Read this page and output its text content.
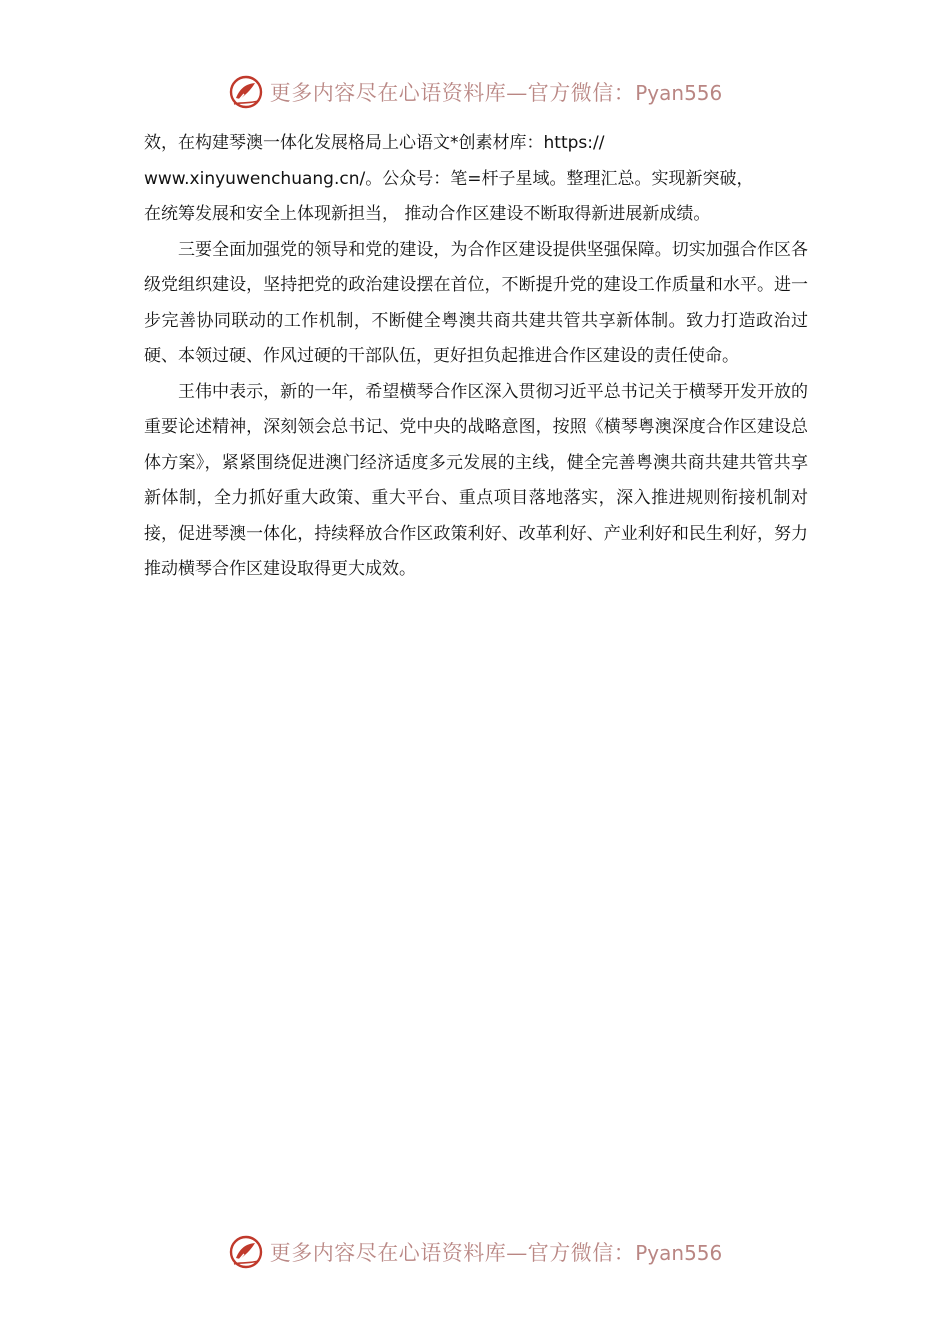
更多内容尽在心语资料库—官方微信：Pyan556

效，在构建琴澳一体化发展格局上心语文*创素材库：https://
www.xinyuwenchuang.cn/。公众号：笔=杆子星域。整理汇总。实现新突破，
在统筹发展和安全上体现新担当， 推动合作区建设不断取得新进展新成绩。

三要全面加强党的领导和党的建设，为合作区建设提供坚强保障。切实加强合作区各级党组织建设，坚持把党的政治建设摆在首位，不断提升党的建设工作质量和水平。进一步完善协同联动的工作机制，不断健全粤澳共商共建共管共享新体制。致力打造政治过硬、本领过硬、作风过硬的干部队伍，更好担负起推进合作区建设的责任使命。

王伟中表示，新的一年，希望横琴合作区深入贯彻习近平总书记关于横琴开发开放的重要论述精神，深刻领会总书记、党中央的战略意图，按照《横琴粤澳深度合作区建设总体方案》，紧紧围绕促进澳门经济适度多元发展的主线，健全完善粤澳共商共建共管共享新体制，全力抓好重大政策、重大平台、重点项目落地落实，深入推进规则衔接机制对接，促进琴澳一体化，持续释放合作区政策利好、改革利好、产业利好和民生利好，努力推动横琴合作区建设取得更大成效。

更多内容尽在心语资料库—官方微信：Pyan556
